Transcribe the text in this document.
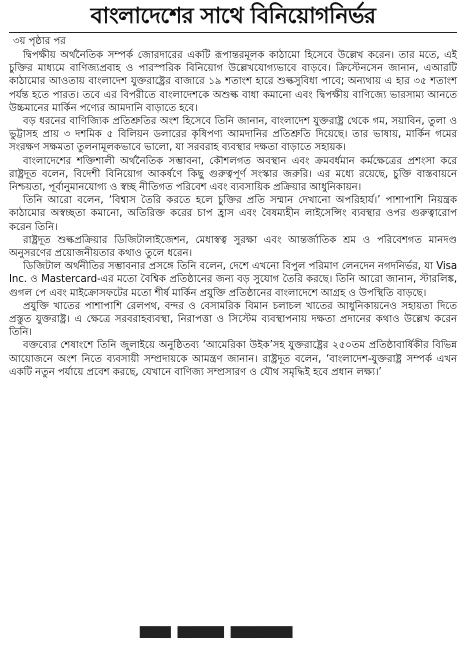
বাংলাদেশের সাথে বিনিয়োগনির্ভর
৩য় পৃষ্ঠার পর

দ্বিপক্ষীয় অর্থনৈতিক সম্পর্ক জোরদারের একটি রূপান্তরমূলক কাঠামো হিসেবে উল্লেখ করেন। তার মতে, এই চুক্তির মাধ্যমে বাণিজ্যপ্রবাহ ও পারস্পরিক বিনিয়োগ উল্লেখযোগ্যভাবে বাড়বে। ক্রিস্টেনসেন জানান, এআরটি কাঠামোর আওতায় বাংলাদেশ যুক্তরাষ্ট্রের বাজারে ১৯ শতাংশ হারে শুল্কসুবিধা পাবে; অন্যথায় এ হার ৩৫ শতাংশ পর্যন্ত হতে পারত। তবে এর বিপরীতে বাংলাদেশকে অশুল্ক বাধা কমানো এবং দ্বিপক্ষীয় বাণিজ্যে ভারসাম্য আনতে উচ্চমানের মার্কিন পণ্যের আমদানি বাড়াতে হবে।

বড় ধরনের বাণিজ্যিক প্রতিশ্রুতির অংশ হিসেবে তিনি জানান, বাংলাদেশ যুক্তরাষ্ট্র থেকে গম, সয়াবিন, তুলা ও ভুট্টাসহ প্রায় ৩ দশমিক ৫ বিলিয়ন ডলারের কৃষিপণ্য আমদানির প্রতিশ্রুতি দিয়েছে। তার ভাষায়, মার্কিন গমের সংরক্ষণ সক্ষমতা তুলনামূলকভাবে ভালো, যা সরবরাহ ব্যবস্থার দক্ষতা বাড়াতে সহায়ক।

বাংলাদেশের শক্তিশালী অর্থনৈতিক সম্ভাবনা, কৌশলগত অবস্থান এবং ক্রমবর্ধমান কর্মক্ষেত্রের প্রশংসা করে রাষ্ট্রদূত বলেন, বিদেশী বিনিয়োগ আকর্ষণে কিছু গুরুত্বপূর্ণ সংস্কার জরুরি। এর মধ্যে রয়েছে, চুক্তি বাস্তবায়নে নিশ্চয়তা, পূর্বানুমানযোগ্য ও স্বচ্ছ নীতিগত পরিবেশ এবং ব্যবসায়িক প্রক্রিয়ার আধুনিকায়ন।

তিনি আরো বলেন, ‘বিশ্বাস তৈরি করতে হলে চুক্তির প্রতি সম্মান দেখানো অপরিহার্য।’ পাশাপাশি নিয়ন্ত্রক কাঠামোর অস্বচ্ছতা কমানো, অতিরিক্ত করের চাপ হ্রাস এবং বৈষম্যহীন লাইসেন্সিং ব্যবস্থার ওপর গুরুত্বারোপ করেন তিনি।

রাষ্ট্রদূত শুল্কপ্রক্রিয়ার ডিজিটালাইজেশন, মেধাস্বত্ব সুরক্ষা এবং আন্তর্জাতিক শ্রম ও পরিবেশগত মানদণ্ড অনুসরণের প্রয়োজনীয়তার কথাও তুলে ধরেন।

ডিজিটাল অর্থনীতির সম্ভাবনার প্রসঙ্গে তিনি বলেন, দেশে এখনো বিপুল পরিমাণ লেনদেন নগদনির্ভর, যা Visa Inc. ও Mastercard-এর মতো বৈশ্বিক প্রতিষ্ঠানের জন্য বড় সুযোগ তৈরি করছে। তিনি আরো জানান, স্টারলিঙ্ক, গুগল পে এবং মাইক্রোসফটের মতো শীর্ষ মার্কিন প্রযুক্তি প্রতিষ্ঠানের বাংলাদেশে আগ্রহ ও উপস্থিতি বাড়ছে।

প্রযুক্তি খাতের পাশাপাশি রেলপথ, বন্দর ও বেসামরিক বিমান চলাচল খাতের আধুনিকায়নেও সহায়তা দিতে প্রস্তুত যুক্তরাষ্ট্র। এ ক্ষেত্রে সরবরাহব্যবস্থা, নিরাপত্তা ও সিস্টেম ব্যবস্থাপনায় দক্ষতা প্রদানের কথাও উল্লেখ করেন তিনি।

বক্তব্যের শেষাংশে তিনি জুলাইয়ে অনুষ্ঠিতব্য ‘আমেরিকা উইক’সহ যুক্তরাষ্ট্রের ২৫০তম প্রতিষ্ঠাবার্ষিকীর বিভিন্ন আয়োজনে অংশ নিতে ব্যবসায়ী সম্প্রদায়কে আমন্ত্রণ জানান। রাষ্ট্রদূত বলেন, ‘বাংলাদেশ-যুক্তরাষ্ট্র সম্পর্ক এখন একটি নতুন পর্যায়ে প্রবেশ করছে, যেখানে বাণিজ্য সম্প্রসারণ ও যৌথ সমৃদ্ধিই হবে প্রধান লক্ষ্য।’

▀▀ ▀▀▀ ▀▀▀▀
